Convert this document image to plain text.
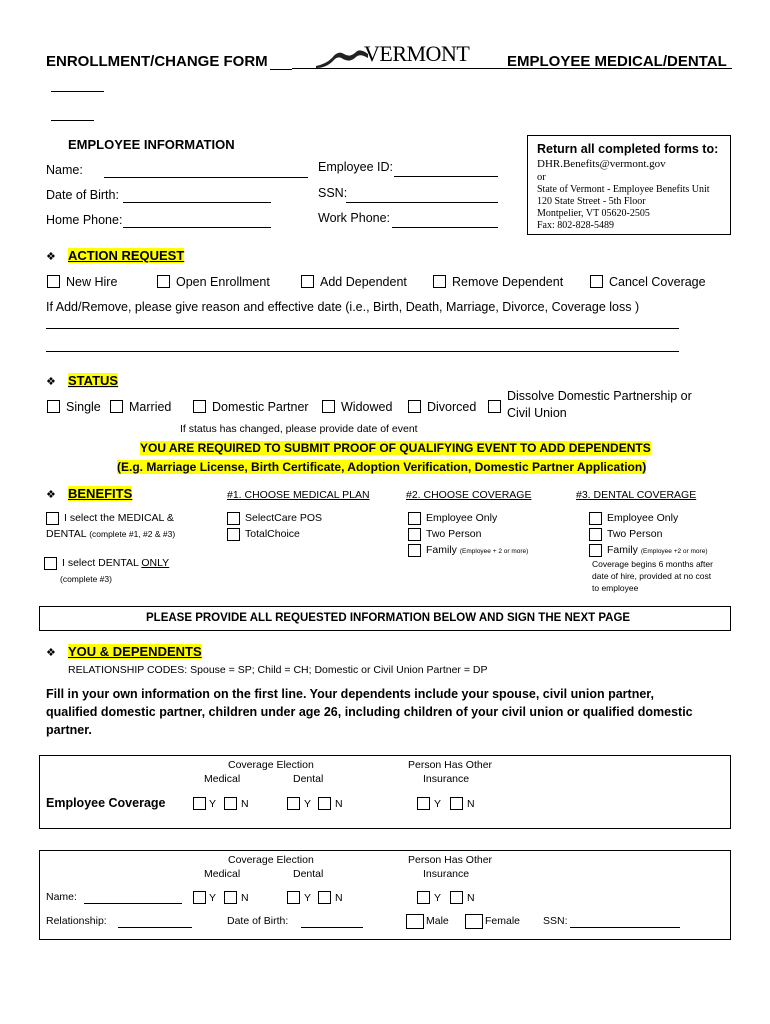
ENROLLMENT/CHANGE FORM	VERMONT	EMPLOYEE MEDICAL/DENTAL
EMPLOYEE INFORMATION
Name:
Date of Birth:
Home Phone:
Employee ID:
SSN:
Work Phone:
Return all completed forms to:
DHR.Benefits@vermont.gov
or
State of Vermont - Employee Benefits Unit
120 State Street - 5th Floor
Montpelier, VT 05620-2505
Fax: 802-828-5489
❖ ACTION REQUEST
New Hire	Open Enrollment	Add Dependent	Remove Dependent	Cancel Coverage
If Add/Remove, please give reason and effective date (i.e., Birth, Death, Marriage, Divorce, Coverage loss )
❖ STATUS
Single Married	Domestic Partner	Widowed	Divorced
Dissolve Domestic Partnership or
Civil Union
If status has changed, please provide date of event
YOU ARE REQUIRED TO SUBMIT PROOF OF QUALIFYING EVENT TO ADD DEPENDENTS
(E.g. Marriage License, Birth Certificate, Adoption Verification, Domestic Partner Application)
❖ BENEFITS	#1. CHOOSE MEDICAL PLAN	#2. CHOOSE COVERAGE	#3. DENTAL COVERAGE
I select the MEDICAL &
DENTAL (complete #1, #2 & #3)
I select DENTAL ONLY
(complete #3)
SelectCare POS
TotalChoice
Employee Only
Two Person
Family (Employee + 2 or more)
Employee Only
Two Person
Family (Employee +2 or more)
Coverage begins 6 months after
date of hire, provided at no cost
to employee
PLEASE PROVIDE ALL REQUESTED INFORMATION BELOW AND SIGN THE NEXT PAGE
❖ YOU & DEPENDENTS
RELATIONSHIP CODES: Spouse = SP; Child = CH; Domestic or Civil Union Partner = DP
Fill in your own information on the first line. Your dependents include your spouse, civil union partner,
qualified domestic partner, children under age 26, including children of your civil union or qualified domestic
partner.
Coverage Election
Medical	Dental
Person Has Other
Insurance
Employee Coverage	Y N	Y N	Y N
Coverage Election
Medical	Dental
Person Has Other
Insurance
Name:	Y N	Y N	Y N
Relationship:	Date of Birth:	Male	Female SSN:
